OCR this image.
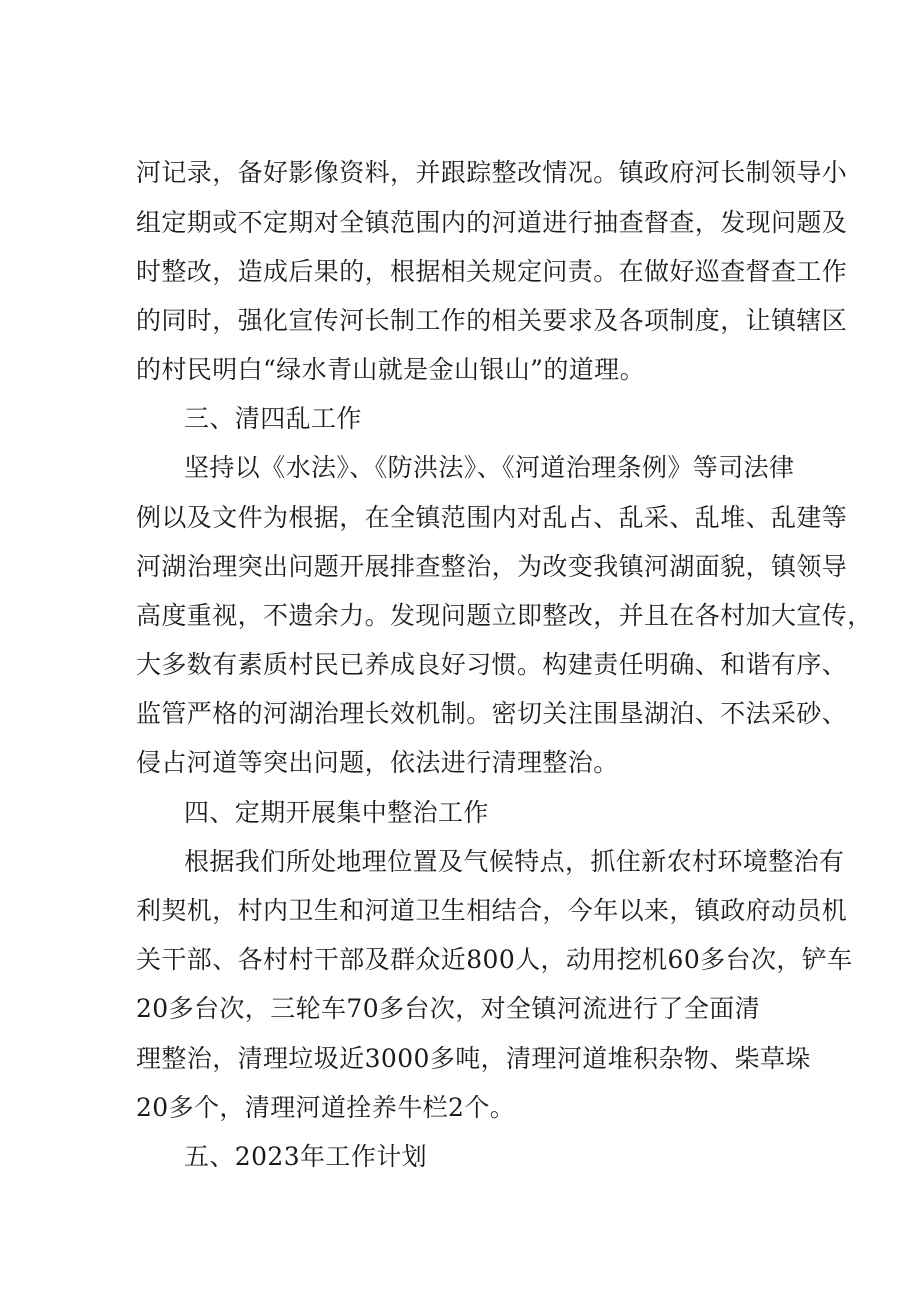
河记录，备好影像资料，并跟踪整改情况。镇政府河长制领导小
组定期或不定期对全镇范围内的河道进行抽查督查，发现问题及
时整改，造成后果的，根据相关规定问责。在做好巡查督查工作
的同时，强化宣传河长制工作的相关要求及各项制度，让镇辖区
的村民明白“绿水青山就是金山银山”的道理。
三、清四乱工作
坚持以《水法》、《防洪法》、《河道治理条例》等司法律
例以及文件为根据，在全镇范围内对乱占、乱采、乱堆、乱建等
河湖治理突出问题开展排查整治，为改变我镇河湖面貌，镇领导
高度重视，不遗余力。发现问题立即整改，并且在各村加大宣传，
大多数有素质村民已养成良好习惯。构建责任明确、和谐有序、
监管严格的河湖治理长效机制。密切关注围垦湖泊、不法采砂、
侵占河道等突出问题，依法进行清理整治。
四、定期开展集中整治工作
根据我们所处地理位置及气候特点，抓住新农村环境整治有
利契机，村内卫生和河道卫生相结合，今年以来，镇政府动员机
关干部、各村村干部及群众近800人，动用挖机60多台次，铲车
20多台次，三轮车70多台次，对全镇河流进行了全面清
理整治，清理垃圾近3000多吨，清理河道堆积杂物、柴草垛
20多个，清理河道拴养牛栏2个。
五、2023年工作计划
